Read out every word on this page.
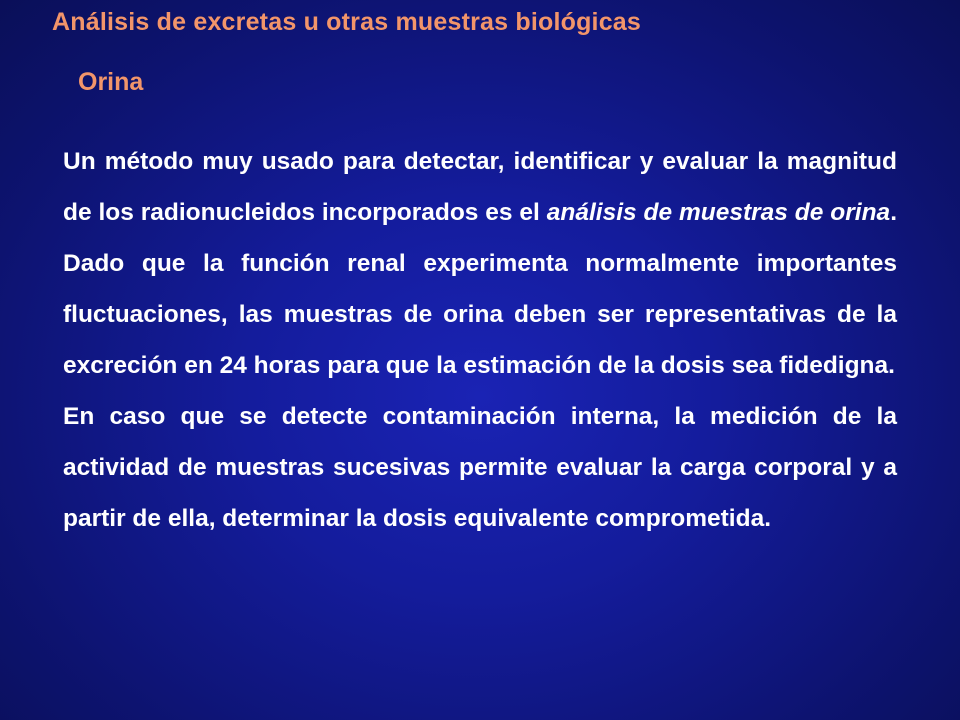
Análisis de excretas u otras muestras biológicas
Orina

Un método muy usado para detectar, identificar y evaluar la magnitud de los radionucleidos incorporados es el análisis de muestras de orina. Dado que la función renal experimenta normalmente importantes fluctuaciones, las muestras de orina deben ser representativas de la excreción en 24 horas para que la estimación de la dosis sea fidedigna.

En caso que se detecte contaminación interna, la medición de la actividad de muestras sucesivas permite evaluar la carga corporal y a partir de ella, determinar la dosis equivalente comprometida.
